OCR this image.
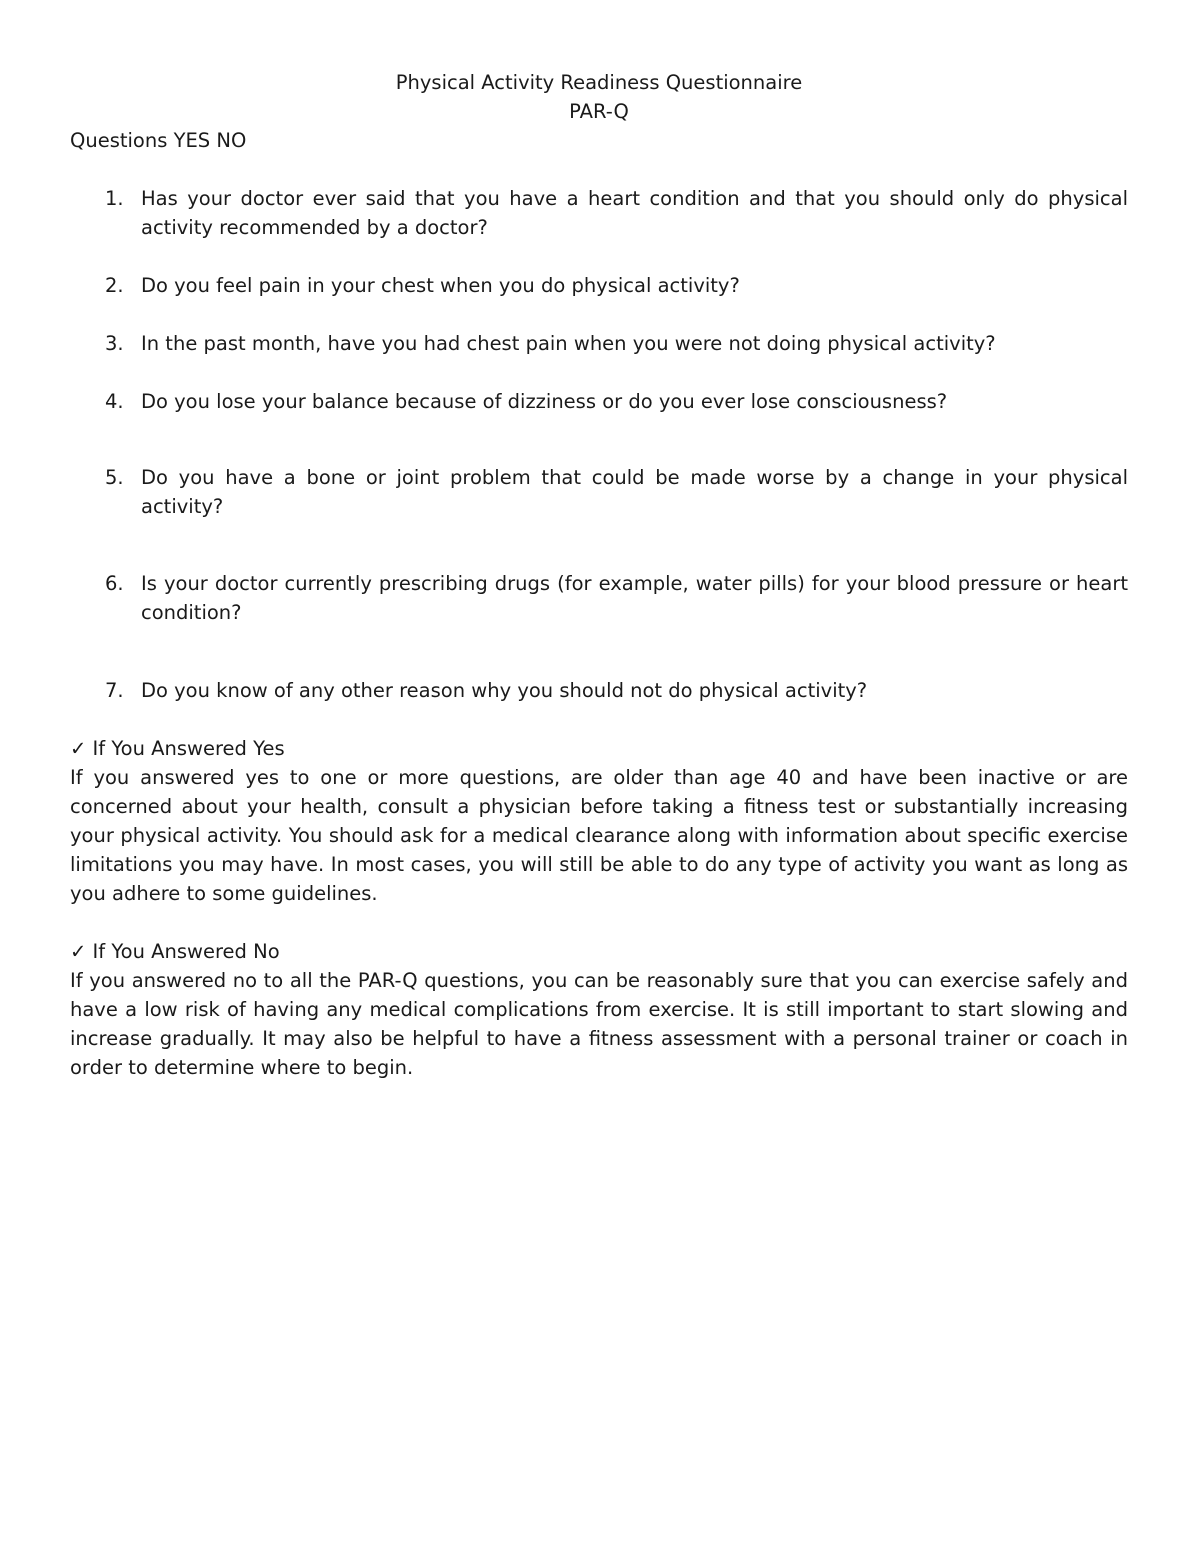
Physical Activity Readiness Questionnaire

PAR-Q

Questions YES NO

1. Has your doctor ever said that you have a heart condition and that you should only do physical activity recommended by a doctor?
2. Do you feel pain in your chest when you do physical activity?
3. In the past month, have you had chest pain when you were not doing physical activity?
4. Do you lose your balance because of dizziness or do you ever lose consciousness?
5. Do you have a bone or joint problem that could be made worse by a change in your physical activity?
6. Is your doctor currently prescribing drugs (for example, water pills) for your blood pressure or heart condition?
7. Do you know of any other reason why you should not do physical activity?

✓ If You Answered Yes

If you answered yes to one or more questions, are older than age 40 and have been inactive or are concerned about your health, consult a physician before taking a fitness test or substantially increasing your physical activity. You should ask for a medical clearance along with information about specific exercise limitations you may have. In most cases, you will still be able to do any type of activity you want as long as you adhere to some guidelines.

✓ If You Answered No

If you answered no to all the PAR-Q questions, you can be reasonably sure that you can exercise safely and have a low risk of having any medical complications from exercise. It is still important to start slowing and increase gradually. It may also be helpful to have a fitness assessment with a personal trainer or coach in order to determine where to begin.
